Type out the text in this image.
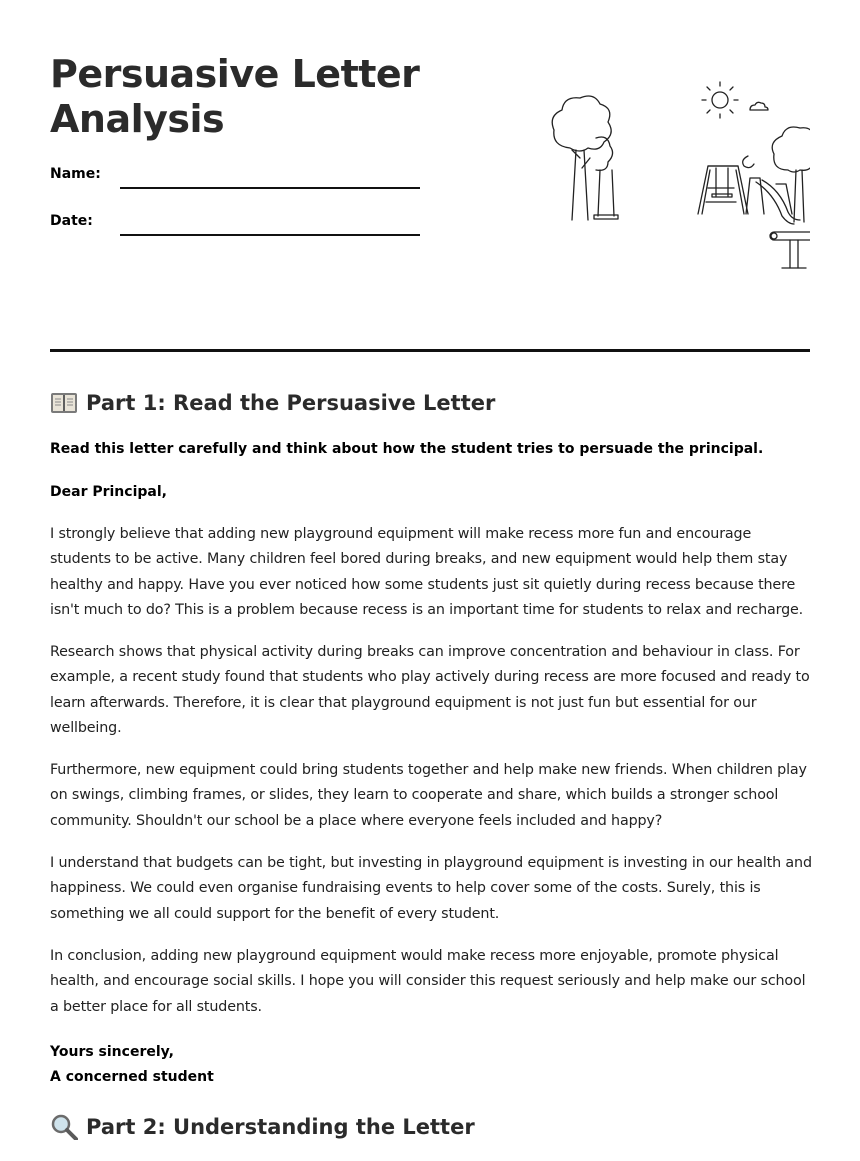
Persuasive Letter Analysis
Name:
Date:
Part 1: Read the Persuasive Letter

Read this letter carefully and think about how the student tries to persuade the principal.

Dear Principal,

I strongly believe that adding new playground equipment will make recess more fun and encourage students to be active. Many children feel bored during breaks, and new equipment would help them stay healthy and happy. Have you ever noticed how some students just sit quietly during recess because there isn't much to do? This is a problem because recess is an important time for students to relax and recharge.

Research shows that physical activity during breaks can improve concentration and behaviour in class. For example, a recent study found that students who play actively during recess are more focused and ready to learn afterwards. Therefore, it is clear that playground equipment is not just fun but essential for our wellbeing.

Furthermore, new equipment could bring students together and help make new friends. When children play on swings, climbing frames, or slides, they learn to cooperate and share, which builds a stronger school community. Shouldn't our school be a place where everyone feels included and happy?

I understand that budgets can be tight, but investing in playground equipment is investing in our health and happiness. We could even organise fundraising events to help cover some of the costs. Surely, this is something we all could support for the benefit of every student.

In conclusion, adding new playground equipment would make recess more enjoyable, promote physical health, and encourage social skills. I hope you will consider this request seriously and help make our school a better place for all students.

Yours sincerely,
A concerned student
Part 2: Understanding the Letter
